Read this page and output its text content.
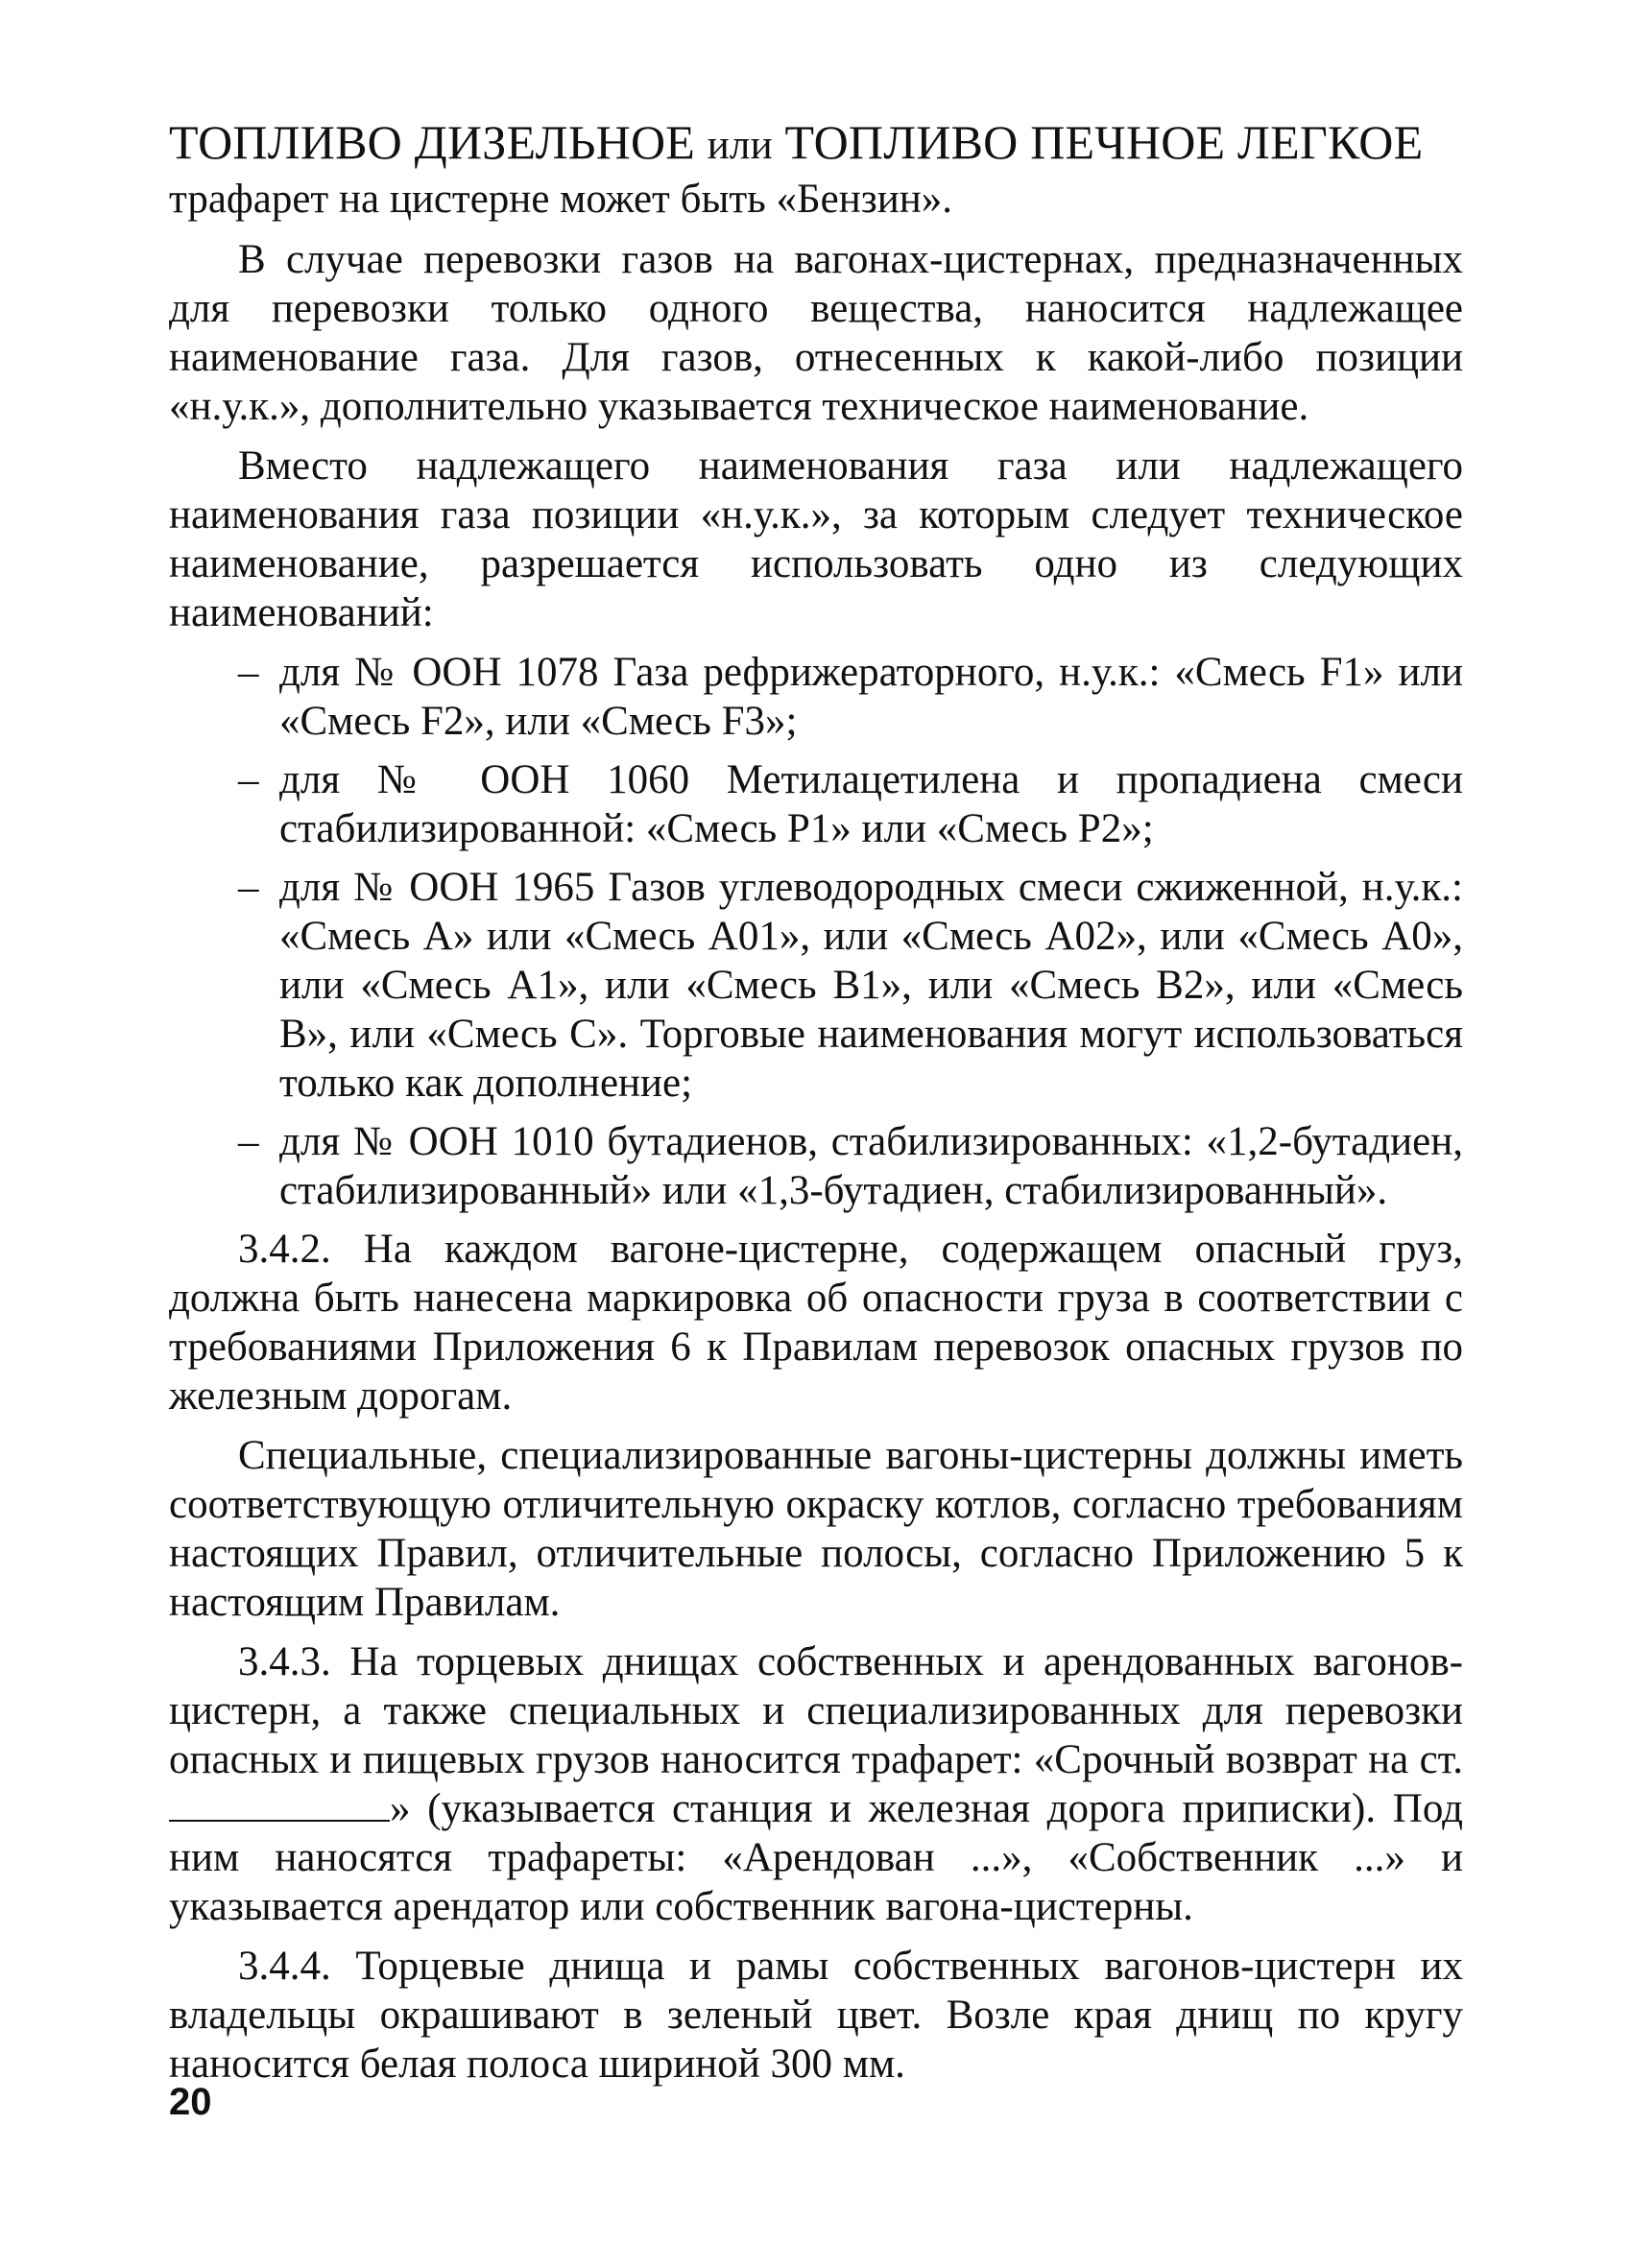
ТОПЛИВО ДИЗЕЛЬНОЕ или ТОПЛИВО ПЕЧНОЕ ЛЕГКОЕ

трафарет на цистерне может быть «Бензин».

В случае перевозки газов на вагонах-цистернах, предназначенных для перевозки только одного вещества, наносится надлежащее наименование газа. Для газов, отнесенных к какой-либо позиции «н.у.к.», дополнительно указывается техническое наименование.

Вместо надлежащего наименования газа или надлежащего наименования газа позиции «н.у.к.», за которым следует техническое наименование, разрешается использовать одно из следующих наименований:

– для № ООН 1078 Газа рефрижераторного, н.у.к.: «Смесь F1» или «Смесь F2», или «Смесь F3»;
– для № ООН 1060 Метилацетилена и пропадиена смеси стабилизированной: «Смесь P1» или «Смесь P2»;
– для № ООН 1965 Газов углеводородных смеси сжиженной, н.у.к.: «Смесь А» или «Смесь А01», или «Смесь А02», или «Смесь А0», или «Смесь А1», или «Смесь В1», или «Смесь В2», или «Смесь В», или «Смесь С». Торговые наименования могут использоваться только как дополнение;
– для № ООН 1010 бутадиенов, стабилизированных: «1,2-бутадиен, стабилизированный» или «1,3-бутадиен, стабилизированный».

3.4.2. На каждом вагоне-цистерне, содержащем опасный груз, должна быть нанесена маркировка об опасности груза в соответствии с требованиями Приложения 6 к Правилам перевозок опасных грузов по железным дорогам.

Специальные, специализированные вагоны-цистерны должны иметь соответствующую отличительную окраску котлов, согласно требованиям настоящих Правил, отличительные полосы, согласно Приложению 5 к настоящим Правилам.

3.4.3. На торцевых днищах собственных и арендованных вагонов-цистерн, а также специальных и специализированных для перевозки опасных и пищевых грузов наносится трафарет: «Срочный возврат на ст. » (указывается станция и железная дорога приписки). Под ним наносятся трафареты: «Арендован ...», «Собственник ...» и указывается арендатор или собственник вагона-цистерны.

3.4.4. Торцевые днища и рамы собственных вагонов-цистерн их владельцы окрашивают в зеленый цвет. Возле края днищ по кругу наносится белая полоса шириной 300 мм.

20
